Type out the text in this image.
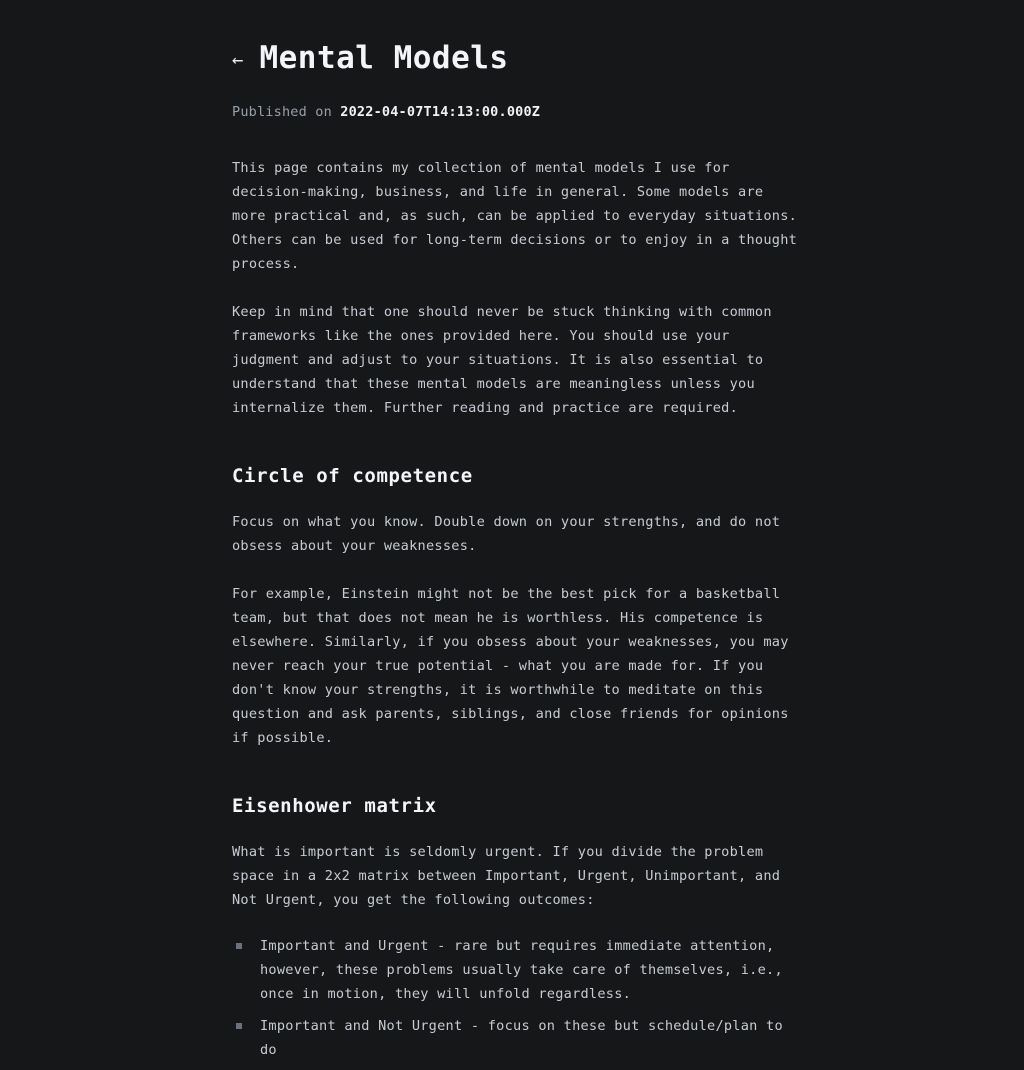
← Mental Models
Published on 2022-04-07T14:13:00.000Z

This page contains my collection of mental models I use for decision-making, business, and life in general. Some models are more practical and, as such, can be applied to everyday situations. Others can be used for long-term decisions or to enjoy in a thought process.

Keep in mind that one should never be stuck thinking with common frameworks like the ones provided here. You should use your judgment and adjust to your situations. It is also essential to understand that these mental models are meaningless unless you internalize them. Further reading and practice are required.

Circle of competence

Focus on what you know. Double down on your strengths, and do not obsess about your weaknesses.

For example, Einstein might not be the best pick for a basketball team, but that does not mean he is worthless. His competence is elsewhere. Similarly, if you obsess about your weaknesses, you may never reach your true potential - what you are made for. If you don't know your strengths, it is worthwhile to meditate on this question and ask parents, siblings, and close friends for opinions if possible.

Eisenhower matrix

What is important is seldomly urgent. If you divide the problem space in a 2x2 matrix between Important, Urgent, Unimportant, and Not Urgent, you get the following outcomes:

Important and Urgent - rare but requires immediate attention, however, these problems usually take care of themselves, i.e., once in motion, they will unfold regardless.
Important and Not Urgent - focus on these but schedule/plan to do
